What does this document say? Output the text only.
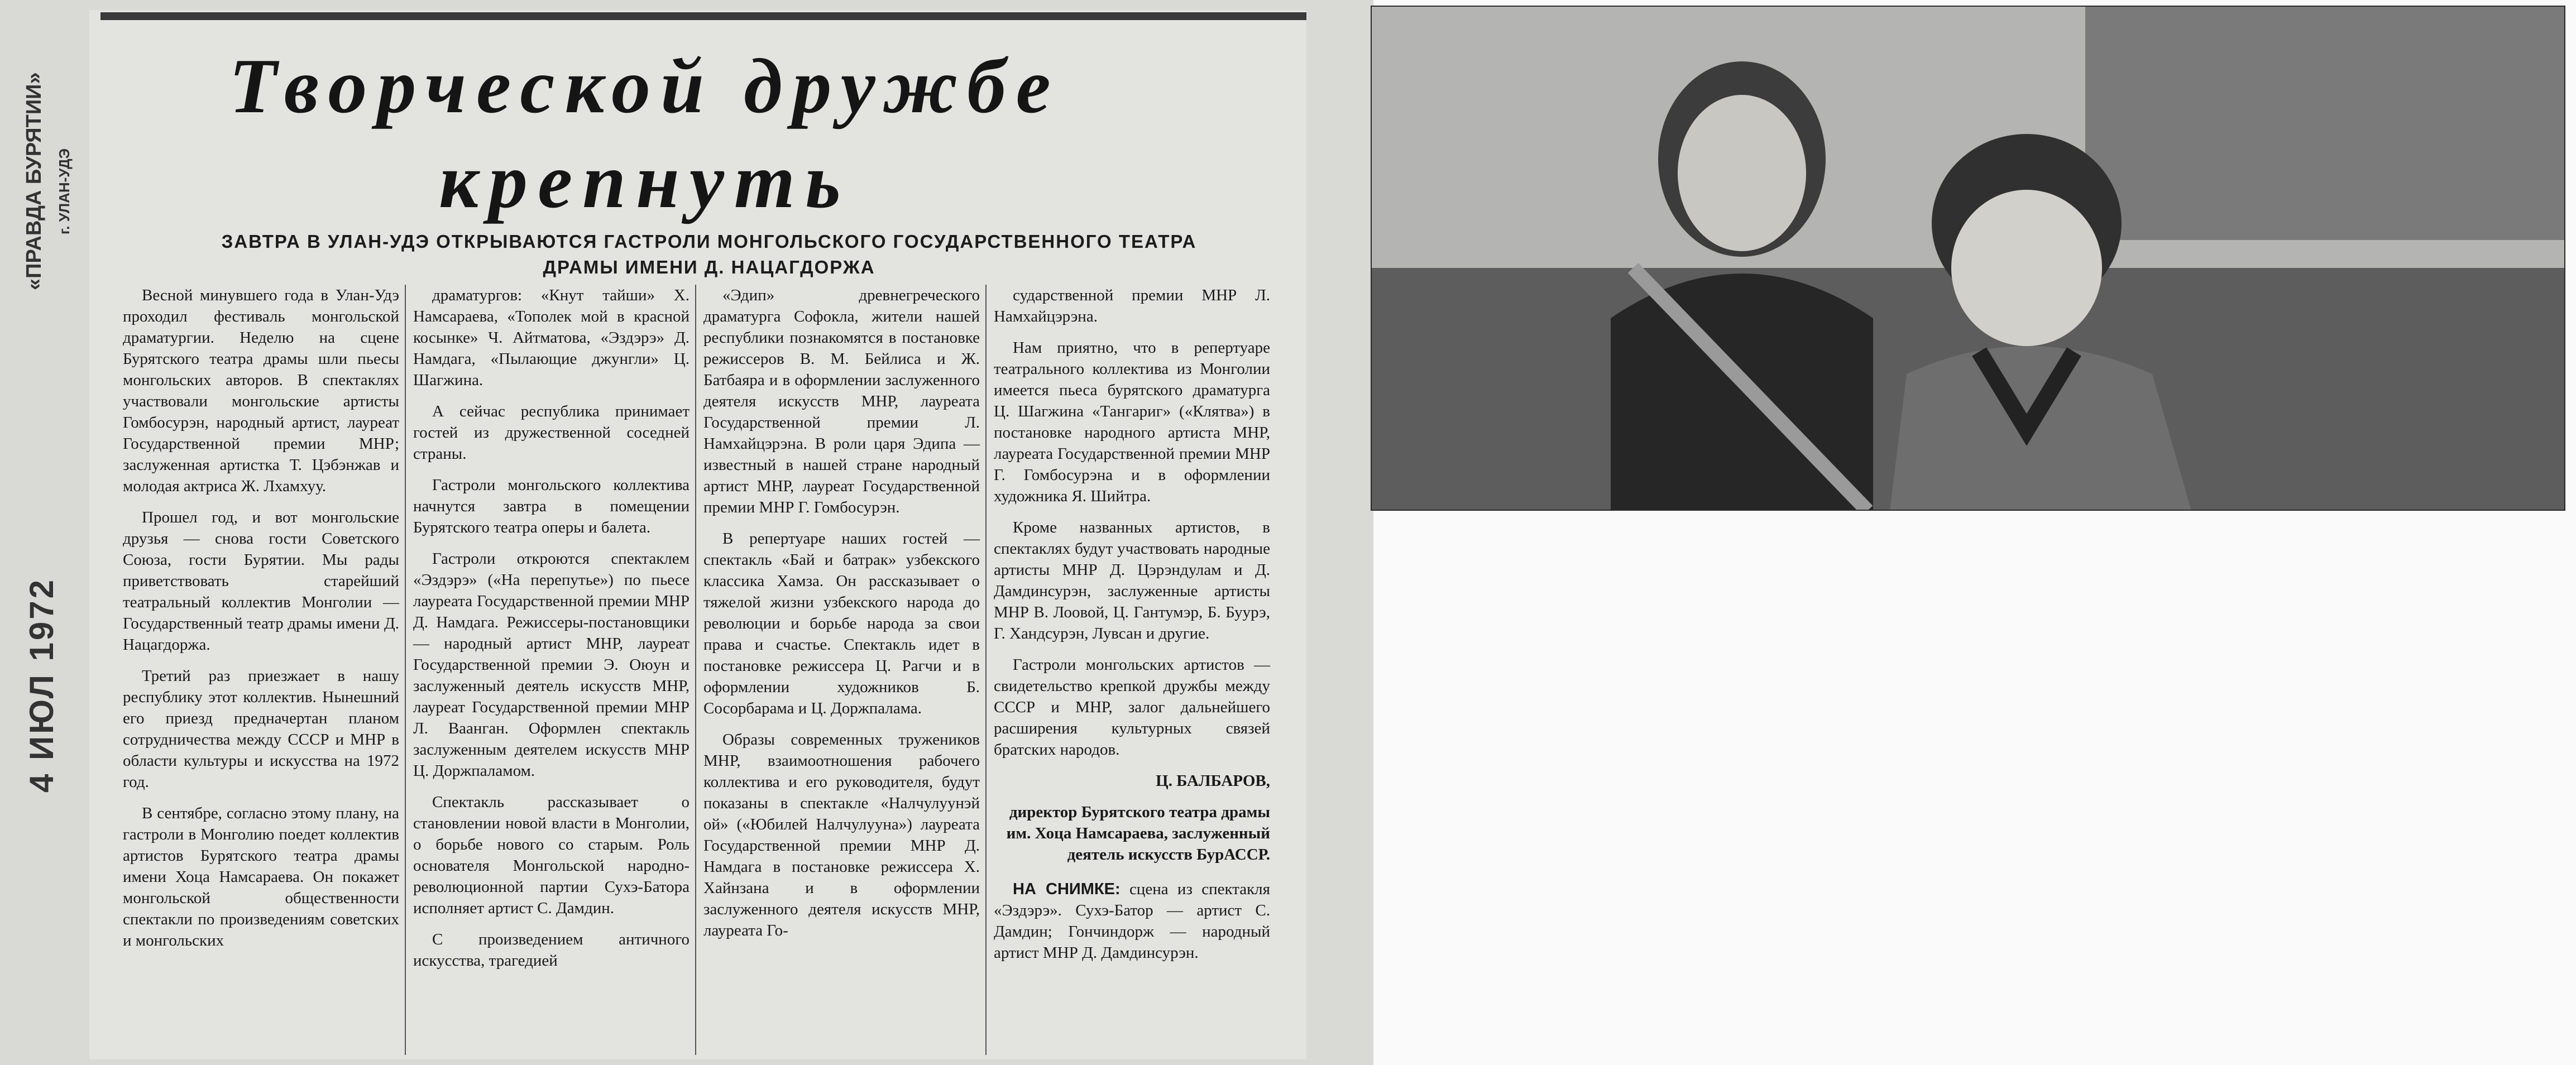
«ПРАВДА БУРЯТИИ» г. УЛАН-УДЭ
4 ИЮЛ 1972
Творческой дружбе
крепнуть
ЗАВТРА В УЛАН-УДЭ ОТКРЫВАЮТСЯ ГАСТРОЛИ МОНГОЛЬСКОГО ГОСУДАРСТВЕННОГО ТЕАТРА
ДРАМЫ ИМЕНИ Д. НАЦАГДОРЖА

Весной минувшего года в Улан-Удэ проходил фестиваль монгольской драматургии. Неделю на сцене Бурятского театра драмы шли пьесы монгольских авторов. В спектаклях участвовали монгольские артисты Гомбосурэн, народный артист, лауреат Государственной премии МНР; заслуженная артистка Т. Цэбэнжав и молодая актриса Ж. Лхамхуу.

Прошел год, и вот монгольские друзья — снова гости Советского Союза, гости Бурятии. Мы рады приветствовать старейший театральный коллектив Монголии — Государственный театр драмы имени Д. Нацагдоржа.

Третий раз приезжает в нашу республику этот коллектив. Нынешний его приезд предначертан планом сотрудничества между СССР и МНР в области культуры и искусства на 1972 год.

В сентябре, согласно этому плану, на гастроли в Монголию поедет коллектив артистов Бурятского театра драмы имени Хоца Намсараева. Он покажет монгольской общественности спектакли по произведениям советских и монгольских

драматургов: «Кнут тайши» Х. Намсараева, «Тополек мой в красной косынке» Ч. Айтматова, «Эздэрэ» Д. Намдага, «Пылающие джунгли» Ц. Шагжина.

А сейчас республика принимает гостей из дружественной соседней страны.

Гастроли монгольского коллектива начнутся завтра в помещении Бурятского театра оперы и балета.

Гастроли откроются спектаклем «Эздэрэ» («На перепутье») по пьесе лауреата Государственной премии МНР Д. Намдага. Режиссеры-постановщики — народный артист МНР, лауреат Государственной премии Э. Оюун и заслуженный деятель искусств МНР, лауреат Государственной премии МНР Л. Ваанган. Оформлен спектакль заслуженным деятелем искусств МНР Ц. Доржпаламом.

Спектакль рассказывает о становлении новой власти в Монголии, о борьбе нового со старым. Роль основателя Монгольской народно-революционной партии Сухэ-Батора исполняет артист С. Дамдин.

С произведением античного искусства, трагедией

«Эдип» древнегреческого драматурга Софокла, жители нашей республики познакомятся в постановке режиссеров В. М. Бейлиса и Ж. Батбаяра и в оформлении заслуженного деятеля искусств МНР, лауреата Государственной премии Л. Намхайцэрэна. В роли царя Эдипа — известный в нашей стране народный артист МНР, лауреат Государственной премии МНР Г. Гомбосурэн.

В репертуаре наших гостей — спектакль «Бай и батрак» узбекского классика Хамза. Он рассказывает о тяжелой жизни узбекского народа до революции и борьбе народа за свои права и счастье. Спектакль идет в постановке режиссера Ц. Рагчи и в оформлении художников Б. Сосорбарама и Ц. Доржпалама.

Образы современных тружеников МНР, взаимоотношения рабочего коллектива и его руководителя, будут показаны в спектакле «Налчулуунэй ой» («Юбилей Налчулууна») лауреата Государственной премии МНР Д. Намдага в постановке режиссера Х. Хайнзана и в оформлении заслуженного деятеля искусств МНР, лауреата Го-

сударственной премии МНР Л. Намхайцэрэна.

Нам приятно, что в репертуаре театрального коллектива из Монголии имеется пьеса бурятского драматурга Ц. Шагжина «Тангариг» («Клятва») в постановке народного артиста МНР, лауреата Государственной премии МНР Г. Гомбосурэна и в оформлении художника Я. Шийтра.

Кроме названных артистов, в спектаклях будут участвовать народные артисты МНР Д. Цэрэндулам и Д. Дамдинсурэн, заслуженные артисты МНР В. Лоовой, Ц. Гантумэр, Б. Буурэ, Г. Хандсурэн, Лувсан и другие.

Гастроли монгольских артистов — свидетельство крепкой дружбы между СССР и МНР, залог дальнейшего расширения культурных связей братских народов.

Ц. БАЛБАРОВ,

директор Бурятского театра драмы им. Хоца Намсараева, заслуженный деятель искусств БурАССР.

НА СНИМКЕ: сцена из спектакля «Эздэрэ». Сухэ-Батор — артист С. Дамдин; Гончиндорж — народный артист МНР Д. Дамдинсурэн.
